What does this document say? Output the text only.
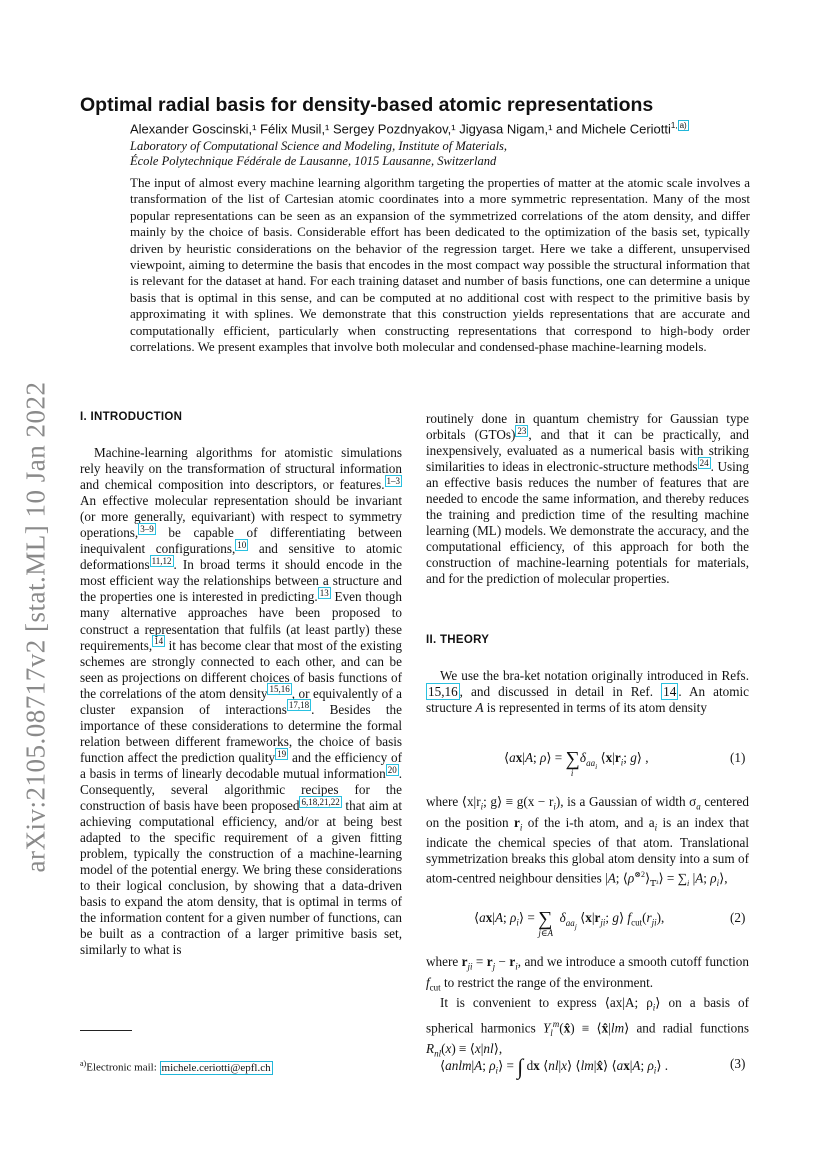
arXiv:2105.08717v2 [stat.ML] 10 Jan 2022
Optimal radial basis for density-based atomic representations
Alexander Goscinski,¹ Félix Musil,¹ Sergey Pozdnyakov,¹ Jigyasa Nigam,¹ and Michele Ceriotti$^{1,}$ $^{a)}$
Laboratory of Computational Science and Modeling, Institute of Materials,
École Polytechnique Fédérale de Lausanne, 1015 Lausanne, Switzerland
The input of almost every machine learning algorithm targeting the properties of matter at the atomic scale involves a transformation of the list of Cartesian atomic coordinates into a more symmetric representation. Many of the most popular representations can be seen as an expansion of the symmetrized correlations of the atom density, and differ mainly by the choice of basis. Considerable effort has been dedicated to the optimization of the basis set, typically driven by heuristic considerations on the behavior of the regression target. Here we take a different, unsupervised viewpoint, aiming to determine the basis that encodes in the most compact way possible the structural information that is relevant for the dataset at hand. For each training dataset and number of basis functions, one can determine a unique basis that is optimal in this sense, and can be computed at no additional cost with respect to the primitive basis by approximating it with splines. We demonstrate that this construction yields representations that are accurate and computationally efficient, particularly when constructing representations that correspond to high-body order correlations. We present examples that involve both molecular and condensed-phase machine-learning models.
I. INTRODUCTION

Machine-learning algorithms for atomistic simulations rely heavily on the transformation of structural information and chemical composition into descriptors, or features. $^{1-3}$ An effective molecular representation should be invariant (or more generally, equivariant) with respect to symmetry operations, $^{3-9}$ be capable of differentiating between inequivalent configurations, $^{10}$ and sensitive to atomic deformations $^{11,12}$ . In broad terms it should encode in the most efficient way the relationships between a structure and the properties one is interested in predicting. $^{13}$ Even though many alternative approaches have been proposed to construct a representation that fulfils (at least partly) these requirements, $^{14}$ it has become clear that most of the existing schemes are strongly connected to each other, and can be seen as projections on different choices of basis functions of the correlations of the atom density $^{15,16}$ , or equivalently of a cluster expansion of interactions $^{17,18}$ . Besides the importance of these considerations to determine the formal relation between different frameworks, the choice of basis function affect the prediction quality $^{19}$ and the efficiency of a basis in terms of linearly decodable mutual information $^{20}$ . Consequently, several algorithmic recipes for the construction of basis have been proposed $^{6,18,21,22}$ that aim at achieving computational efficiency, and/or at being best adapted to the specific requirement of a given fitting problem, typically the construction of a machine-learning model of the potential energy. We bring these considerations to their logical conclusion, by showing that a data-driven basis to expand the atom density, that is optimal in terms of the information content for a given number of functions, can be built as a contraction of a larger primitive basis set, similarly to what is

routinely done in quantum chemistry for Gaussian type orbitals (GTOs) $^{23}$ , and that it can be practically, and inexpensively, evaluated as a numerical basis with striking similarities to ideas in electronic-structure methods $^{24}$ . Using an effective basis reduces the number of features that are needed to encode the same information, and thereby reduces the training and prediction time of the resulting machine learning (ML) models. We demonstrate the accuracy, and the computational efficiency, of this approach for both the construction of machine-learning potentials for materials, and for the prediction of molecular properties.

II. THEORY

We use the bra-ket notation originally introduced in Refs. 15,16 , and discussed in detail in Ref. 14 . An atomic structure A is represented in terms of its atom density

⟨ax|A; ρ⟩ = $\sum_i$  $\delta_{aa_i}$ $⟨x|r_i$; g⟩ ,	(1)

where $⟨x|r_i$; g⟩ ≡ $g(x - r_i)$, is a Gaussian of width $\sigma_a$ centered on the position $r_i$ of the i-th atom, and $a_i$ is an index that indicate the chemical species of that atom. Translational symmetrization breaks this global atom density into a sum of atom-centred neighbour densities |A; $⟨\rho^{\otimes 2}⟩_{𝕋^3}⟩ = \sum_i$ |A; $\rho_i⟩$,

⟨ax|A; $\rho_i⟩ = \sum_{j\in A}$  $\delta_{aa_j}$ $⟨x|r_{ji}$; g⟩ $f_{cut}(r_{ji})$,	(2)

where $r_{ji} = r_j - r_i$, and we introduce a smooth cutoff function $f_{cut}$ to restrict the range of the environment.

It is convenient to express ⟨ax|A; $\rho_i⟩$ on a basis of spherical harmonics $Y_l^m(x̂)$ ≡ ⟨x̂|lm⟩ and radial functions $R_{nl}(x)$ ≡ ⟨x|nl⟩,

⟨anlm|A; $\rho_i⟩$ = ∫ dx ⟨nl|x⟩ ⟨lm|x̂⟩ ⟨ax|A; $\rho_i⟩$ .	(3)
$^{a)}$Electronic mail: michele.ceriotti@epfl.ch
